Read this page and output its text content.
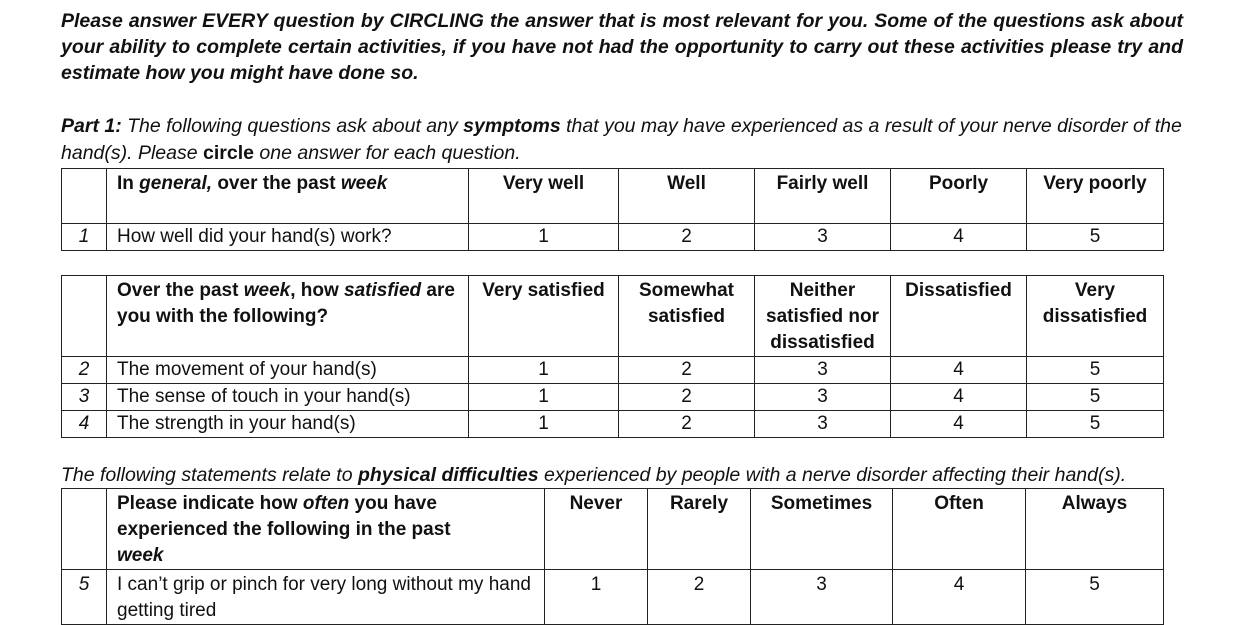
Please answer EVERY question by CIRCLING the answer that is most relevant for you. Some of the questions ask about your ability to complete certain activities, if you have not had the opportunity to carry out these activities please try and estimate how you might have done so.

Part 1: The following questions ask about any symptoms that you may have experienced as a result of your nerve disorder of the hand(s). Please circle one answer for each question.

	In general, over the past week	Very well	Well	Fairly well	Poorly	Very poorly
1	How well did your hand(s) work?	1	2	3	4	5
	Over the past week, how satisfied are you with the following?	Very satisfied	Somewhat satisfied	Neither satisfied nor dissatisfied	Dissatisfied	Very dissatisfied
2	The movement of your hand(s)	1	2	3	4	5
3	The sense of touch in your hand(s)	1	2	3	4	5
4	The strength in your hand(s)	1	2	3	4	5

The following statements relate to physical difficulties experienced by people with a nerve disorder affecting their hand(s).

	Please indicate how often you have experienced the following in the past week	Never	Rarely	Sometimes	Often	Always
5	I can’t grip or pinch for very long without my hand getting tired	1	2	3	4	5
